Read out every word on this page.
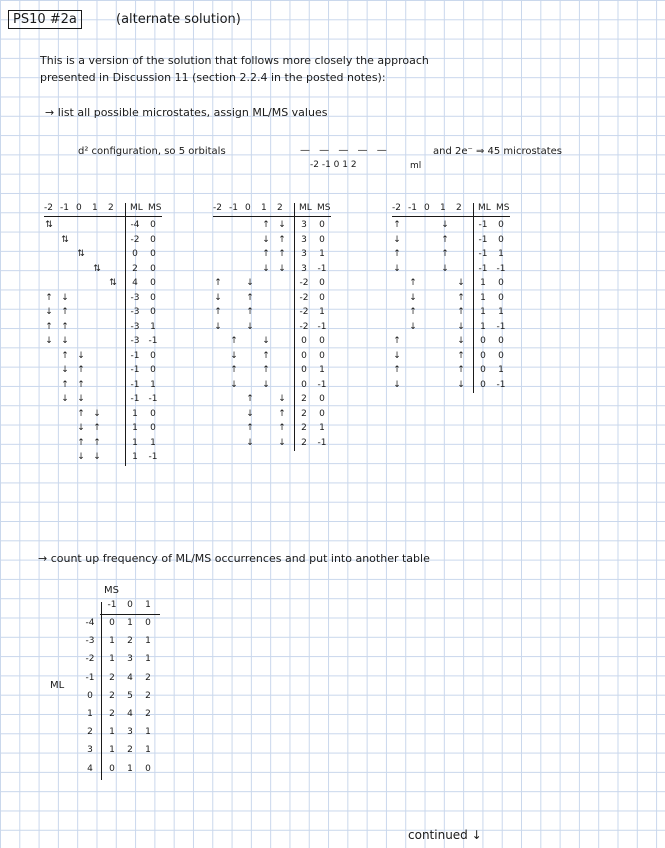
PS10 #2a	(alternate solution)
This is a version of the solution that follows more closely the approach
presented in Discussion 11 (section 2.2.4 in the posted notes):
→ list all possible microstates, assign ML/MS values
d² configuration, so 5 orbitals	— — — — —
-2 -1 0 1 2	ml
and 2e⁻ ⇒ 45 microstates
-2 -1 0 1 2 ML MS
⇅	-4	0
⇅	-2	0
⇅	0	0
⇅	2	0
⇅	4	0
↑ ↓	-3	0
↓ ↑	-3	0
↑ ↑	-3	1
↓ ↓	-3 -1
↑ ↓	-1	0
↓ ↑	-1	0
↑ ↑	-1	1
↓ ↓	-1 -1
↑ ↓	1	0
↓ ↑	1	0
↑ ↑	1	1
↓ ↓	1	-1
-2 -1 0 1 2 ML MS
↑ ↓	3	0
↓ ↑	3	0
↑ ↑	3	1
↓ ↓	3	-1
↑	↓	-2	0
↓	↑	-2	0
↑	↑	-2	1
↓	↓	-2 -1
↑	↓	0	0
↓	↑	0	0
↑	↑	0	1
↓	↓	0	-1
↑	↓	2	0
↓	↑	2	0
↑	↑	2	1
↓	↓	2	-1
-2 -1 0 1 2 ML MS
↑	↓	-1	0
↓	↑	-1	0
↑	↑	-1	1
↓	↓	-1 -1
↑	↓	1	0
↓	↑	1	0
↑	↑	1	1
↓	↓	1	-1
↑	↓	0	0
↓	↑	0	0
↑	↑	0	1
↓	↓	0	-1
→ count up frequency of ML/MS occurrences and put into another table
MS
ML
-1	0	1
-4	0	1	0
-3	1	2	1
-2	1	3	1
-1	2	4	2
0	2	5	2
1	2	4	2
2	1	3	1
3	1	2	1
4	0	1	0
continued ↓
